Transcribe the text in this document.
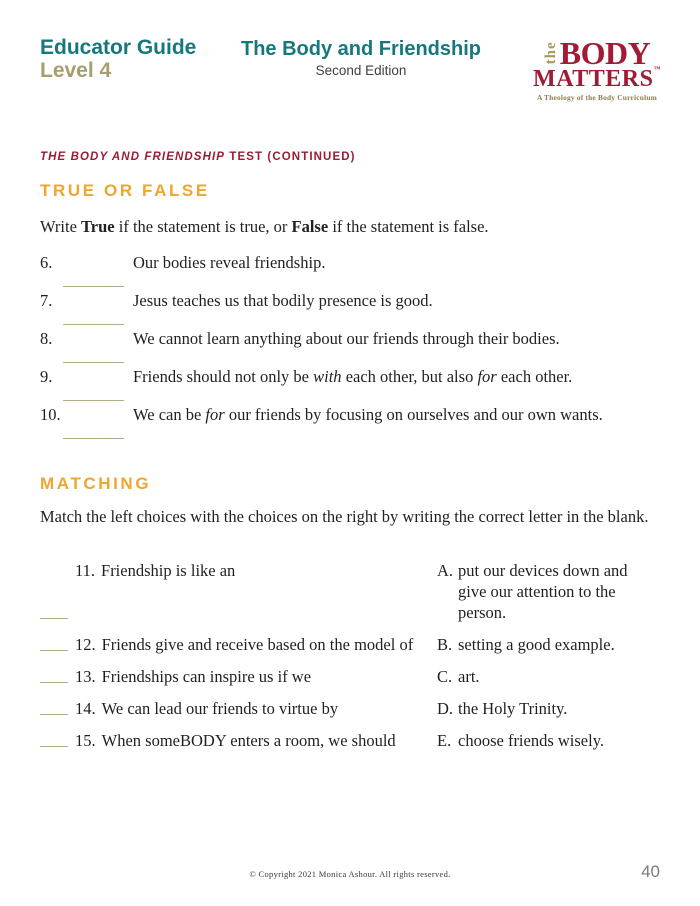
Educator Guide
Level 4
The Body and Friendship
Second Edition
the BODY
MATTERS™
A Theology of the Body Curriculum
THE BODY AND FRIENDSHIP TEST (CONTINUED)
TRUE OR FALSE
Write True if the statement is true, or False if the statement is false.
6.	Our bodies reveal friendship.
7.	Jesus teaches us that bodily presence is good.
8.	We cannot learn anything about our friends through their bodies.
9.	Friends should not only be with each other, but also for each other.
10.	We can be for our friends by focusing on ourselves and our own wants.
MATCHING
Match the left choices with the choices on the right by writing the correct letter in the blank.
11. Friendship is like an	A. put our devices down and give our attention to the person.
12. Friends give and receive based on the model of B. setting a good example.
13. Friendships can inspire us if we	C. art.
14. We can lead our friends to virtue by	D. the Holy Trinity.
15. When someBODY enters a room, we should	E. choose friends wisely.
© Copyright 2021 Monica Ashour. All rights reserved.	40
